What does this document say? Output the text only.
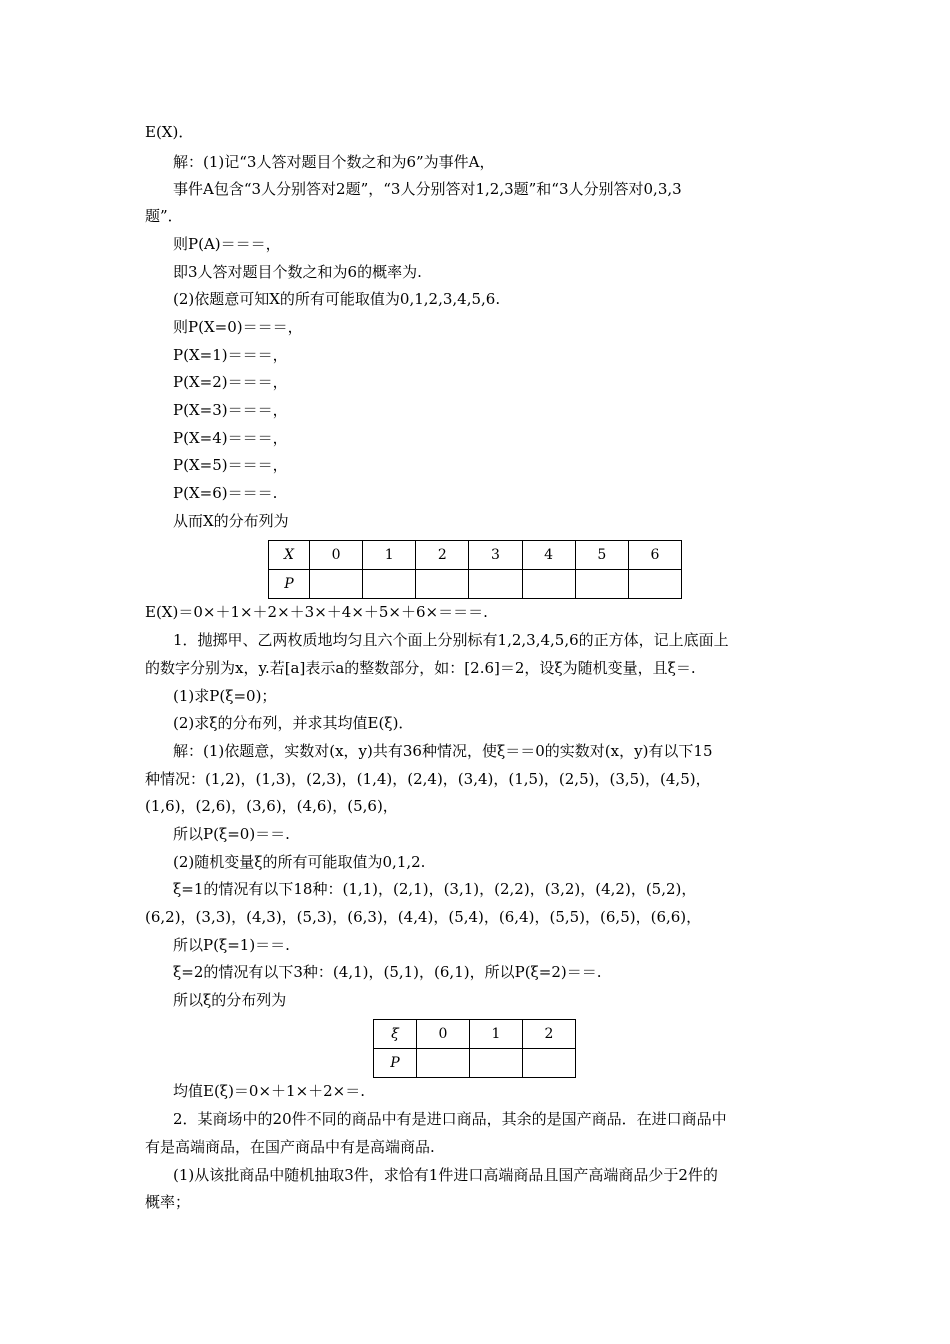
E(X)．
解：(1)记“3人答对题目个数之和为6”为事件A，
事件A包含“3人分别答对2题”，“3人分别答对1,2,3题”和“3人分别答对0,3,3
题”．
则P(A)＝＝＝，
即3人答对题目个数之和为6的概率为.
(2)依题意可知X的所有可能取值为0,1,2,3,4,5,6.
则P(X=0)＝＝＝，
P(X=1)＝＝＝，
P(X=2)＝＝＝，
P(X=3)＝＝＝，
P(X=4)＝＝＝，
P(X=5)＝＝＝，
P(X=6)＝＝＝.
从而X的分布列为
X	0	1	2	3	4	5	6
P							
E(X)＝0×＋1×＋2×＋3×＋4×＋5×＋6×＝＝＝.
1．抛掷甲、乙两枚质地均匀且六个面上分别标有1,2,3,4,5,6的正方体，记上底面上
的数字分别为x，y.若[a]表示a的整数部分，如：[2.6]＝2，设ξ为随机变量，且ξ＝.
(1)求P(ξ=0)；
(2)求ξ的分布列，并求其均值E(ξ)．
解：(1)依题意，实数对(x，y)共有36种情况，使ξ＝＝0的实数对(x，y)有以下15
种情况：(1,2)，(1,3)，(2,3)，(1,4)，(2,4)，(3,4)，(1,5)，(2,5)，(3,5)，(4,5)，
(1,6)，(2,6)，(3,6)，(4,6)，(5,6)，
所以P(ξ=0)＝＝.
(2)随机变量ξ的所有可能取值为0,1,2.
ξ=1的情况有以下18种：(1,1)，(2,1)，(3,1)，(2,2)，(3,2)，(4,2)，(5,2)，
(6,2)，(3,3)，(4,3)，(5,3)，(6,3)，(4,4)，(5,4)，(6,4)，(5,5)，(6,5)，(6,6)，
所以P(ξ=1)＝＝.
ξ=2的情况有以下3种：(4,1)，(5,1)，(6,1)，所以P(ξ=2)＝＝.
所以ξ的分布列为
ξ	0	1	2
P			
均值E(ξ)＝0×＋1×＋2×＝.
2．某商场中的20件不同的商品中有是进口商品，其余的是国产商品．在进口商品中
有是高端商品，在国产商品中有是高端商品.
(1)从该批商品中随机抽取3件，求恰有1件进口高端商品且国产高端商品少于2件的
概率；
